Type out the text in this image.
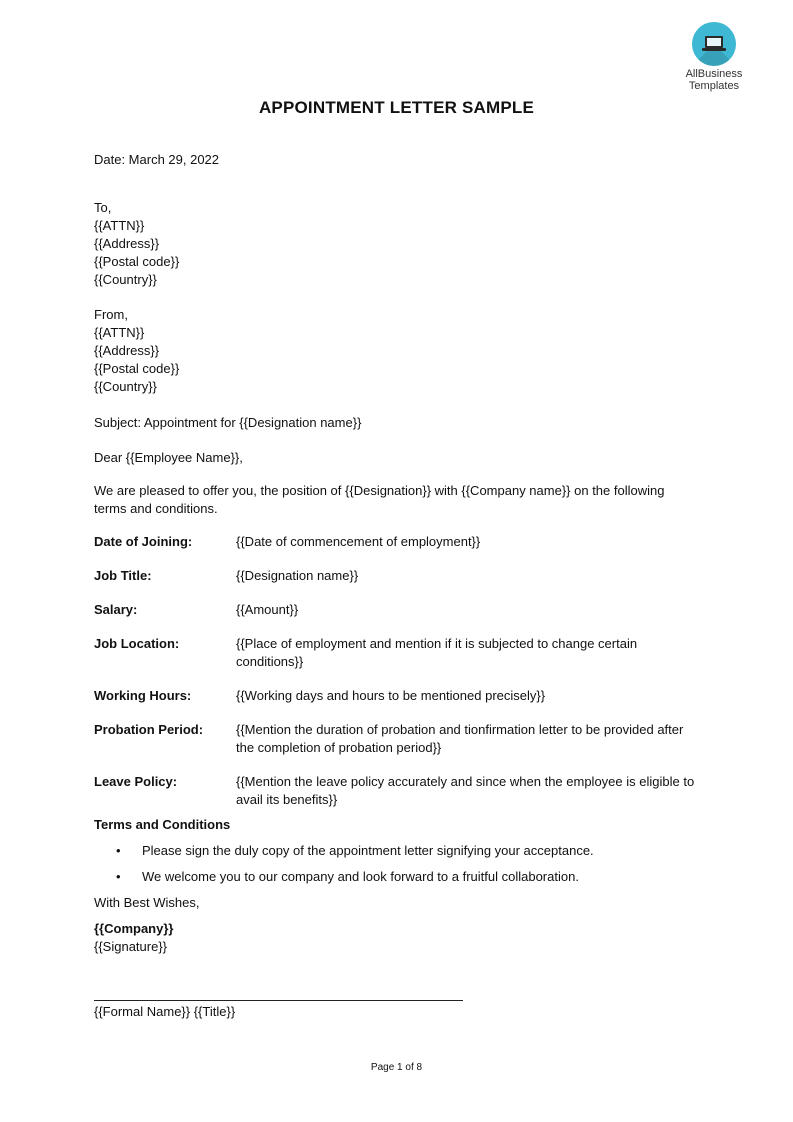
AllBusiness
Templates
APPOINTMENT LETTER SAMPLE
Date: March 29, 2022
To,
{{ATTN}}
{{Address}}
{{Postal code}}
{{Country}}
From,
{{ATTN}}
{{Address}}
{{Postal code}}
{{Country}}
Subject: Appointment for {{Designation name}}
Dear {{Employee Name}},
We are pleased to offer you, the position of {{Designation}} with {{Company name}} on the following terms and conditions.
Date of Joining:	{{Date of commencement of employment}}
Job Title:	{{Designation name}}
Salary:	{{Amount}}
Job Location:	{{Place of employment and mention if it is subjected to change certain conditions}}
Working Hours:	{{Working days and hours to be mentioned precisely}}
Probation Period:	{{Mention the duration of probation and tionfirmation letter to be provided after the completion of probation period}}
Leave Policy:	{{Mention the leave policy accurately and since when the employee is eligible to avail its benefits}}
Terms and Conditions
• Please sign the duly copy of the appointment letter signifying your acceptance.
• We welcome you to our company and look forward to a fruitful collaboration.
With Best Wishes,
{{Company}}
{{Signature}}
{{Formal Name}} {{Title}}
Page 1 of 8
